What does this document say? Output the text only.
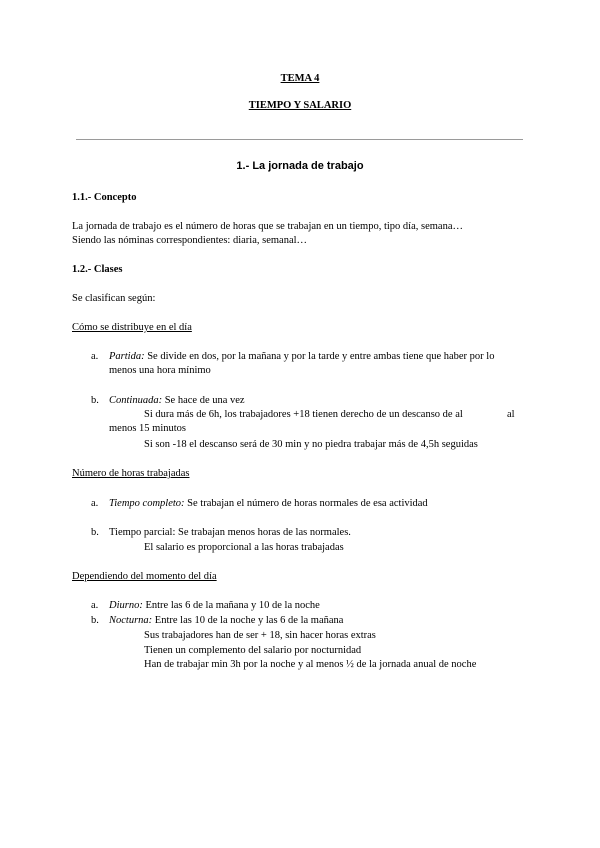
TEMA 4
TIEMPO Y SALARIO
1.- La jornada de trabajo
1.1.- Concepto
La jornada de trabajo es el número de horas que se trabajan en un tiempo, tipo día, semana…
Siendo las nóminas correspondientes: diaria, semanal…
1.2.- Clases
Se clasifican según:
Cómo se distribuye en el día
a.	Partida: Se divide en dos, por la mañana y por la tarde y entre ambas tiene que haber por lo
menos una hora mínimo
b. Continuada: Se hace de una vez
Si dura más de 6h, los trabajadores +18 tienen derecho de un descanso de al	al
menos 15 minutos
Si son -18 el descanso será de 30 min y no piedra trabajar más de 4,5h seguidas
Número de horas trabajadas
a.	Tiempo completo: Se trabajan el número de horas normales de esa actividad
b. Tiempo parcial: Se trabajan menos horas de las normales.
El salario es proporcional a las horas trabajadas
Dependiendo del momento del día
a.	Diurno: Entre las 6 de la mañana y 10 de la noche
b. Nocturna: Entre las 10 de la noche y las 6 de la mañana
Sus trabajadores han de ser + 18, sin hacer horas extras
Tienen un complemento del salario por nocturnidad
Han de trabajar min 3h por la noche y al menos ½ de la jornada anual de noche
